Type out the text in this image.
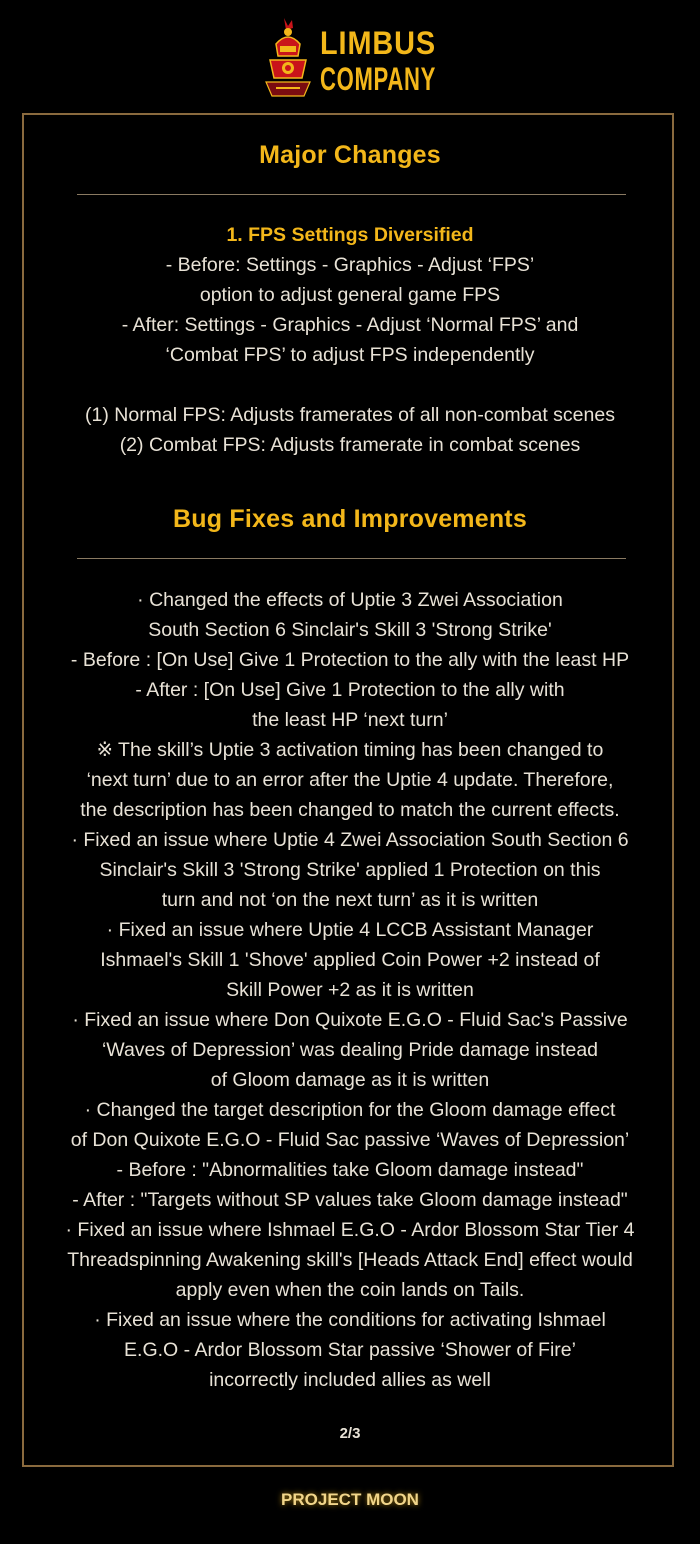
LIMBUS
COMPANY
Major Changes
1. FPS Settings Diversified
- Before: Settings - Graphics - Adjust ‘FPS’
option to adjust general game FPS
- After: Settings - Graphics - Adjust ‘Normal FPS’ and
‘Combat FPS’ to adjust FPS independently
(1) Normal FPS: Adjusts framerates of all non-combat scenes
(2) Combat FPS: Adjusts framerate in combat scenes
Bug Fixes and Improvements
· Changed the effects of Uptie 3 Zwei Association
South Section 6 Sinclair's Skill 3 'Strong Strike'
- Before : [On Use] Give 1 Protection to the ally with the least HP
- After : [On Use] Give 1 Protection to the ally with
the least HP ‘next turn’
※ The skill’s Uptie 3 activation timing has been changed to
‘next turn’ due to an error after the Uptie 4 update. Therefore,
the description has been changed to match the current effects.
· Fixed an issue where Uptie 4 Zwei Association South Section 6
Sinclair's Skill 3 'Strong Strike' applied 1 Protection on this
turn and not ‘on the next turn’ as it is written
· Fixed an issue where Uptie 4 LCCB Assistant Manager
Ishmael's Skill 1 'Shove' applied Coin Power +2 instead of
Skill Power +2 as it is written
· Fixed an issue where Don Quixote E.G.O - Fluid Sac's Passive
‘Waves of Depression’ was dealing Pride damage instead
of Gloom damage as it is written
· Changed the target description for the Gloom damage effect
of Don Quixote E.G.O - Fluid Sac passive ‘Waves of Depression’
- Before : "Abnormalities take Gloom damage instead"
- After : "Targets without SP values take Gloom damage instead"
· Fixed an issue where Ishmael E.G.O - Ardor Blossom Star Tier 4
Threadspinning Awakening skill's [Heads Attack End] effect would
apply even when the coin lands on Tails.
· Fixed an issue where the conditions for activating Ishmael
E.G.O - Ardor Blossom Star passive ‘Shower of Fire’
incorrectly included allies as well
2/3
PROJECT MOON
